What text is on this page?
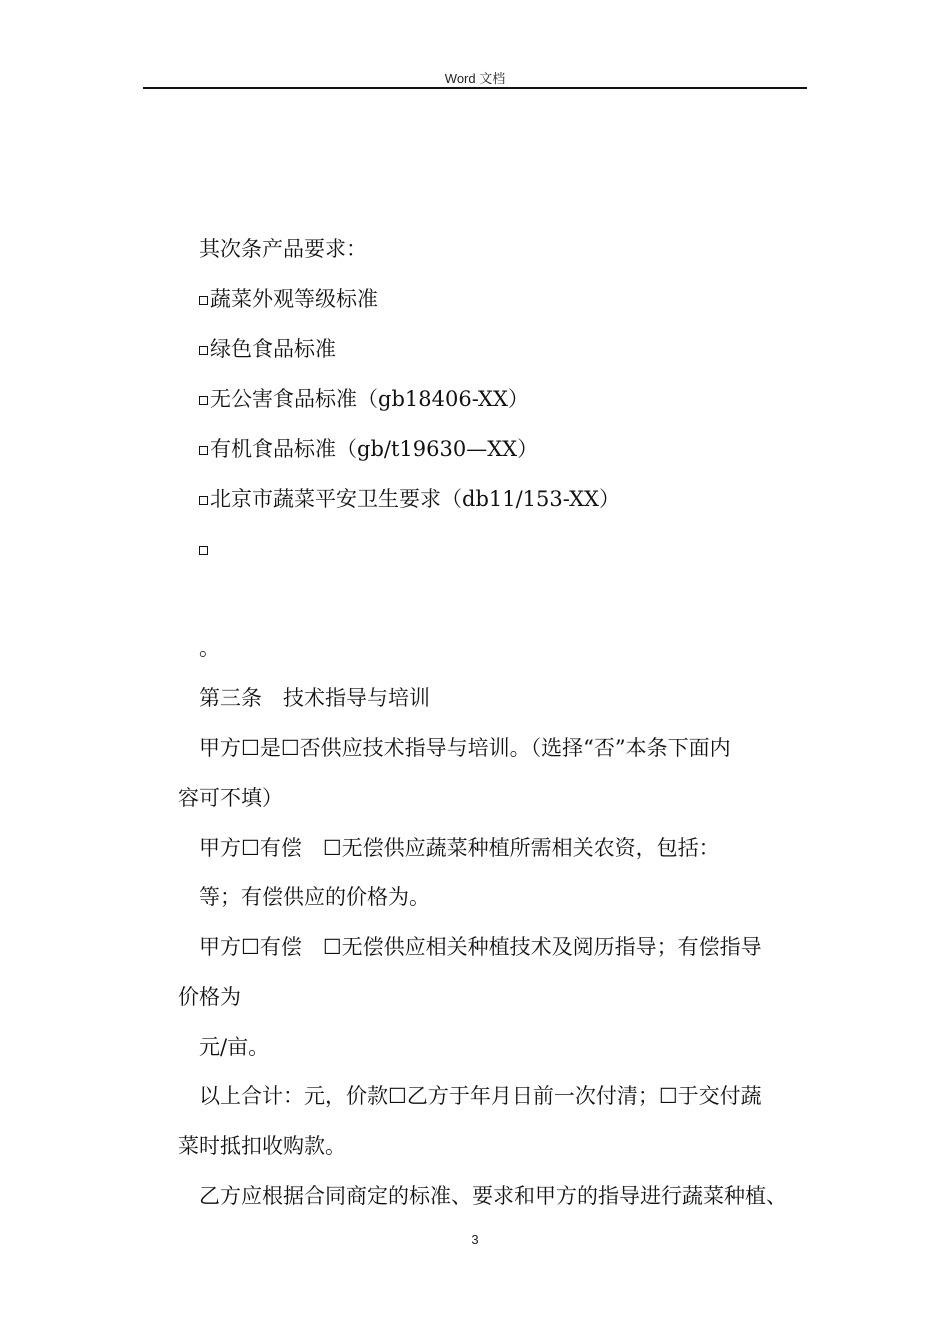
Word 文档
其次条产品要求：
蔬菜外观等级标准
绿色食品标准
无公害食品标准（gb18406-XX）
有机食品标准（gb/t19630—XX）
北京市蔬菜平安卫生要求（db11/153-XX）
。
第三条　技术指导与培训
甲方☐是☐否供应技术指导与培训。（选择“否”本条下面内
容可不填）
甲方☐有偿　☐无偿供应蔬菜种植所需相关农资，包括：
等；有偿供应的价格为。
甲方☐有偿　☐无偿供应相关种植技术及阅历指导；有偿指导
价格为
元/亩。
以上合计：元，价款☐乙方于年月日前一次付清；☐于交付蔬
菜时抵扣收购款。
乙方应根据合同商定的标准、要求和甲方的指导进行蔬菜种植、
3
